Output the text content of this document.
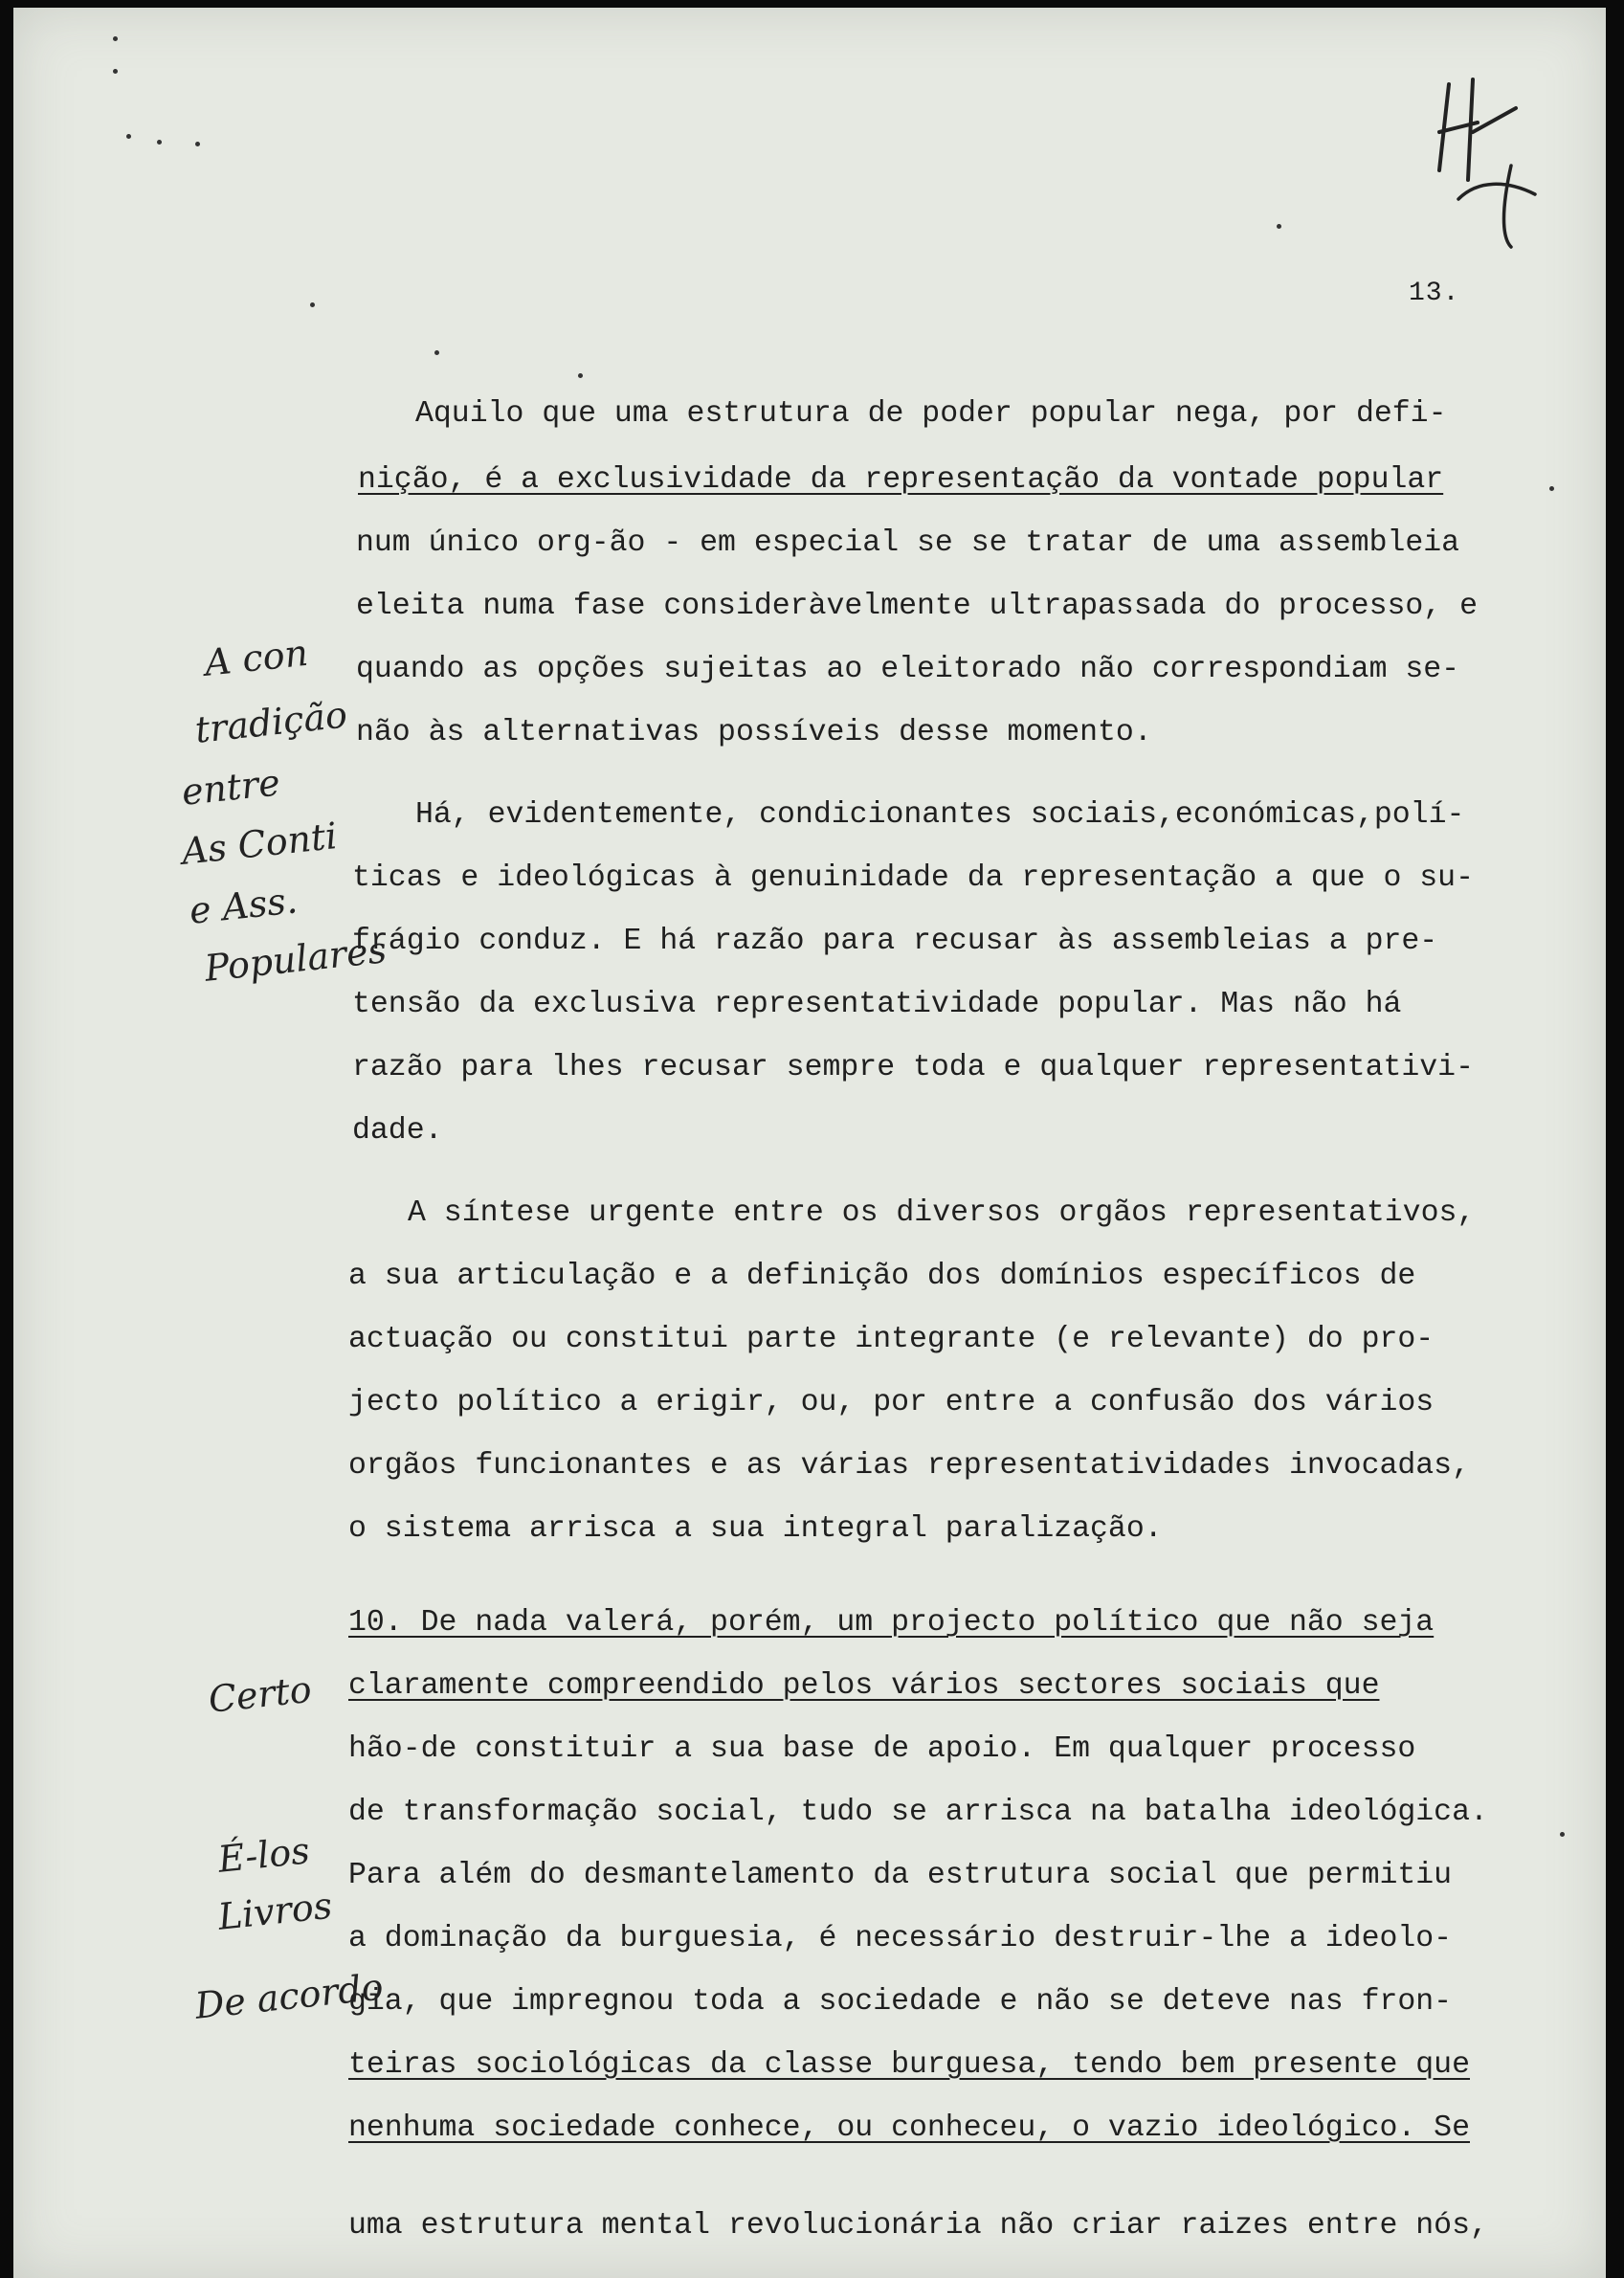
13.
Aquilo que uma estrutura de poder popular nega, por defi-
nição, é a exclusividade da representação da vontade popular
num único org-ão - em especial se se tratar de uma assembleia
eleita numa fase consideràvelmente ultrapassada do processo, e
quando as opções sujeitas ao eleitorado não correspondiam se-
não às alternativas possíveis desse momento.
Há, evidentemente, condicionantes sociais,económicas,polí-
ticas e ideológicas à genuinidade da representação a que o su-
frágio conduz. E há razão para recusar às assembleias a pre-
tensão da exclusiva representatividade popular. Mas não há
razão para lhes recusar sempre toda e qualquer representativi-
dade.
A síntese urgente entre os diversos orgãos representativos,
a sua articulação e a definição dos domínios específicos de
actuação ou constitui parte integrante (e relevante) do pro-
jecto político a erigir, ou, por entre a confusão dos vários
orgãos funcionantes e as várias representatividades invocadas,
o sistema arrisca a sua integral paralização.
10. De nada valerá, porém, um projecto político que não seja
claramente compreendido pelos vários sectores sociais que
hão-de constituir a sua base de apoio. Em qualquer processo
de transformação social, tudo se arrisca na batalha ideológica.
Para além do desmantelamento da estrutura social que permitiu
a dominação da burguesia, é necessário destruir-lhe a ideolo-
gia, que impregnou toda a sociedade e não se deteve nas fron-
teiras sociológicas da classe burguesa, tendo bem presente que
nenhuma sociedade conhece, ou conheceu, o vazio ideológico. Se
uma estrutura mental revolucionária não criar raizes entre nós,
A con
tradição
entre
As Conti
e Ass.
Populares
Certo
É-los
Livros
De acordo
